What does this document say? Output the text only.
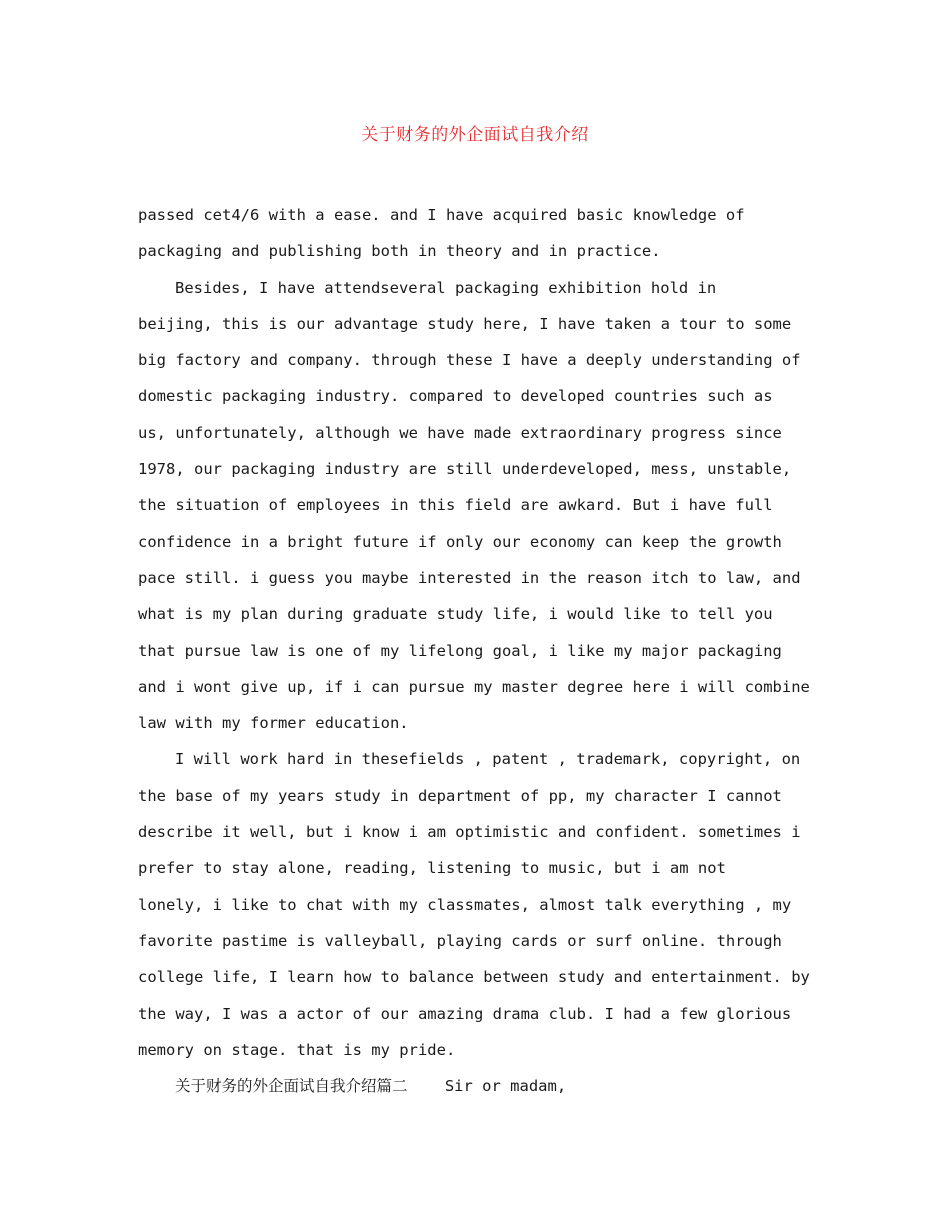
关于财务的外企面试自我介绍
passed cet4/6 with a ease. and I have acquired basic knowledge of
packaging and publishing both in theory and in practice.
Besides, I have attendseveral packaging exhibition hold in
beijing, this is our advantage study here, I have taken a tour to some
big factory and company. through these I have a deeply understanding of
domestic packaging industry. compared to developed countries such as
us, unfortunately, although we have made extraordinary progress since
1978, our packaging industry are still underdeveloped, mess, unstable,
the situation of employees in this field are awkard. But i have full
confidence in a bright future if only our economy can keep the growth
pace still. i guess you maybe interested in the reason itch to law, and
what is my plan during graduate study life, i would like to tell you
that pursue law is one of my lifelong goal, i like my major packaging
and i wont give up, if i can pursue my master degree here i will combine
law with my former education.
I will work hard in thesefields , patent , trademark, copyright, on
the base of my years study in department of pp, my character I cannot
describe it well, but i know i am optimistic and confident. sometimes i
prefer to stay alone, reading, listening to music, but i am not
lonely, i like to chat with my classmates, almost talk everything , my
favorite pastime is valleyball, playing cards or surf online. through
college life, I learn how to balance between study and entertainment. by
the way, I was a actor of our amazing drama club. I had a few glorious
memory on stage. that is my pride.
关于财务的外企面试自我介绍篇二 Sir or madam,
